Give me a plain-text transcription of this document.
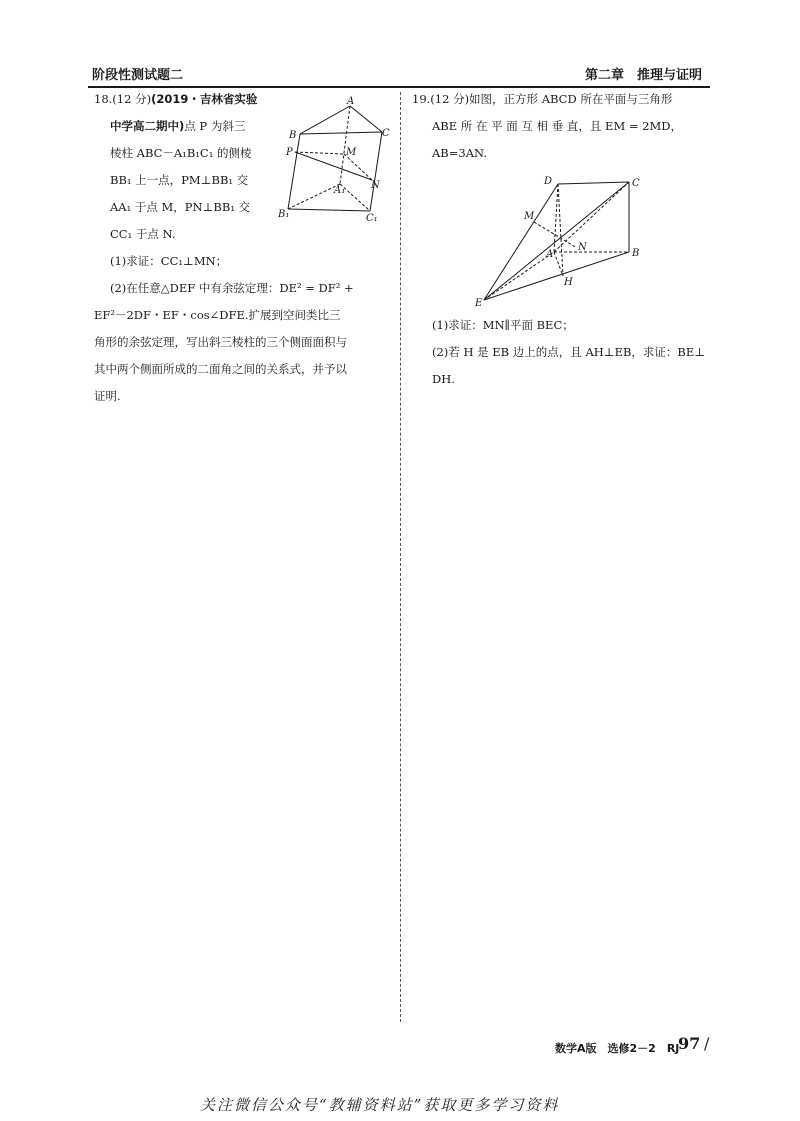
阶段性测试题二	第二章　推理与证明
18.(12 分)(2019・吉林省实验
中学高二期中)点 P 为斜三
棱柱 ABC－A₁B₁C₁ 的侧棱
BB₁ 上一点，PM⊥BB₁ 交
AA₁ 于点 M，PN⊥BB₁ 交
CC₁ 于点 N.
(1)求证：CC₁⊥MN；
(2)在任意△DEF 中有余弦定理：DE² = DF² +
EF²－2DF・EF・cos∠DFE.扩展到空间类比三
角形的余弦定理，写出斜三棱柱的三个侧面面积与
其中两个侧面所成的二面角之间的关系式，并予以
证明.
A
B	C
P	M
A₁	N
B₁	C₁
19.(12 分)如图，正方形 ABCD 所在平面与三角形
ABE 所 在 平 面 互 相 垂 直，且 EM = 2MD，
AB=3AN.
D	C
M
N
A	B
H
E
(1)求证：MN∥平面 BEC；
(2)若 H 是 EB 边上的点，且 AH⊥EB，求证：BE⊥
DH.
数学A版　选修2－2　RJ
97 /
关注微信公众号“教辅资料站”获取更多学习资料
